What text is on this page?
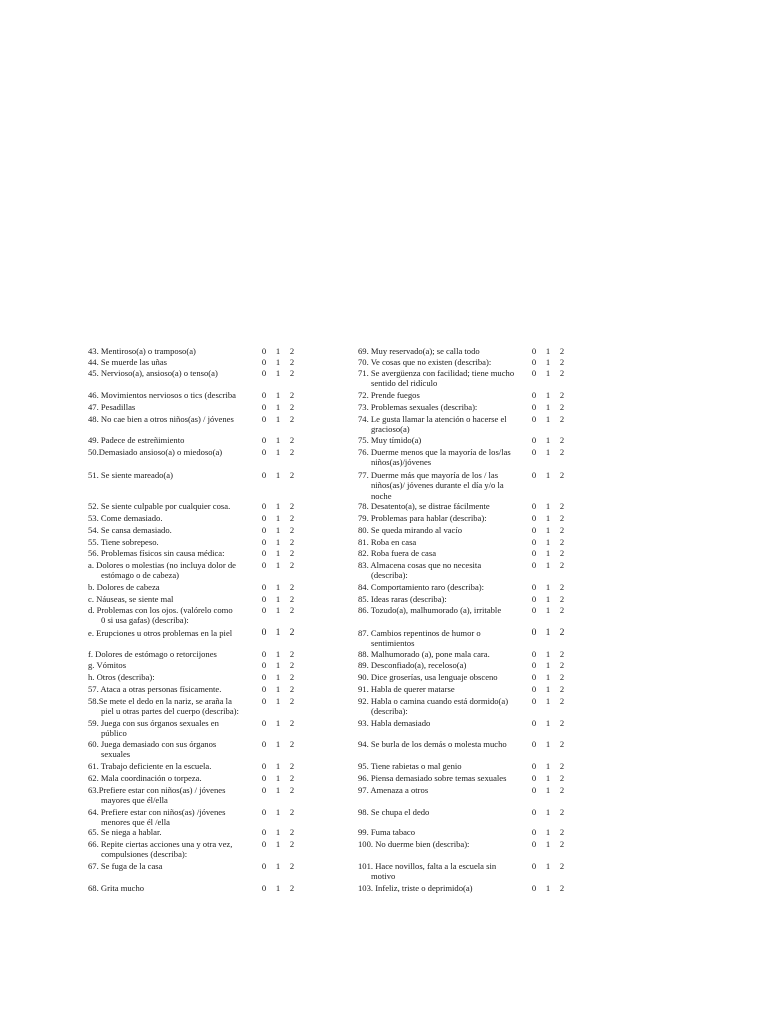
43. Mentiroso(a) o tramposo(a)	0 1 2
44. Se muerde las uñas	0 1 2
45. Nervioso(a), ansioso(a) o tenso(a)	0 1 2
46. Movimientos nerviosos o tics (describa	0 1 2
47. Pesadillas	0 1 2
48. No cae bien a otros niños(as) / jóvenes	0 1 2
49. Padece de estreñimiento	0 1 2
50.Demasiado ansioso(a) o miedoso(a)	0 1 2
51. Se siente mareado(a)	0 1 2
52. Se siente culpable por cualquier cosa.	0 1 2
53. Come demasiado.	0 1 2
54. Se cansa demasiado.	0 1 2
55. Tiene sobrepeso.	0 1 2
56. Problemas físicos sin causa médica:	0 1 2
a. Dolores o molestias (no incluya dolor de
estómago o de cabeza)
0 1 2
b. Dolores de cabeza	0 1 2
c. Náuseas, se siente mal	0 1 2
d. Problemas con los ojos. (valórelo como
0 si usa gafas) (describa):
0 1 2
e. Erupciones u otros problemas en la piel	0 1 2
f. Dolores de estómago o retorcijones	0 1 2
g. Vómitos	0 1 2
h. Otros (describa):	0 1 2
57. Ataca a otras personas físicamente.	0 1 2
58.Se mete el dedo en la nariz, se araña la
piel u otras partes del cuerpo (describa):
0 1 2
59. Juega con sus órganos sexuales en
público
0 1 2
60. Juega demasiado con sus órganos
sexuales
0 1 2
61. Trabajo deficiente en la escuela.	0 1 2
62. Mala coordinación o torpeza.	0 1 2
63.Prefiere estar con niños(as) / jóvenes
mayores que él/ella
0 1 2
64. Prefiere estar con niños(as) /jóvenes
menores que él /ella
0 1 2
65. Se niega a hablar.	0 1 2
66. Repite ciertas acciones una y otra vez,
compulsiones (describa):
0 1 2
67. Se fuga de la casa	0 1 2
68. Grita mucho	0 1 2
69. Muy reservado(a); se calla todo	0 1 2
70. Ve cosas que no existen (describa):	0 1 2
71. Se avergüenza con facilidad; tiene mucho
sentido del ridículo
0 1 2
72. Prende fuegos	0 1 2
73. Problemas sexuales (describa):	0 1 2
74. Le gusta llamar la atención o hacerse el
gracioso(a)
0 1 2
75. Muy tímido(a)	0 1 2
76. Duerme menos que la mayoría de los/las
niños(as)/jóvenes
0 1 2
77. Duerme más que mayoría de los / las
niños(as)/ jóvenes durante el día y/o la
noche
0 1 2
78. Desatento(a), se distrae fácilmente	0 1 2
79. Problemas para hablar (describa):	0 1 2
80. Se queda mirando al vacío	0 1 2
81. Roba en casa	0 1 2
82. Roba fuera de casa	0 1 2
83. Almacena cosas que no necesita
(describa):
0 1 2
84. Comportamiento raro (describa):	0 1 2
85. Ideas raras (describa):	0 1 2
86. Tozudo(a), malhumorado (a), irritable	0 1 2
87. Cambios repentinos de humor o
sentimientos
0 1 2
88. Malhumorado (a), pone mala cara.	0 1 2
89. Desconfiado(a), receloso(a)	0 1 2
90. Dice groserías, usa lenguaje obsceno	0 1 2
91. Habla de querer matarse	0 1 2
92. Habla o camina cuando está dormido(a)
(describa):
0 1 2
93. Habla demasiado	0 1 2
94. Se burla de los demás o molesta mucho	0 1 2
95. Tiene rabietas o mal genio	0 1 2
96. Piensa demasiado sobre temas sexuales	0 1 2
97. Amenaza a otros	0 1 2
98. Se chupa el dedo	0 1 2
99. Fuma tabaco	0 1 2
100. No duerme bien (describa):	0 1 2
101. Hace novillos, falta a la escuela sin
motivo
0 1 2
103. Infeliz, triste o deprimido(a)	0 1 2
